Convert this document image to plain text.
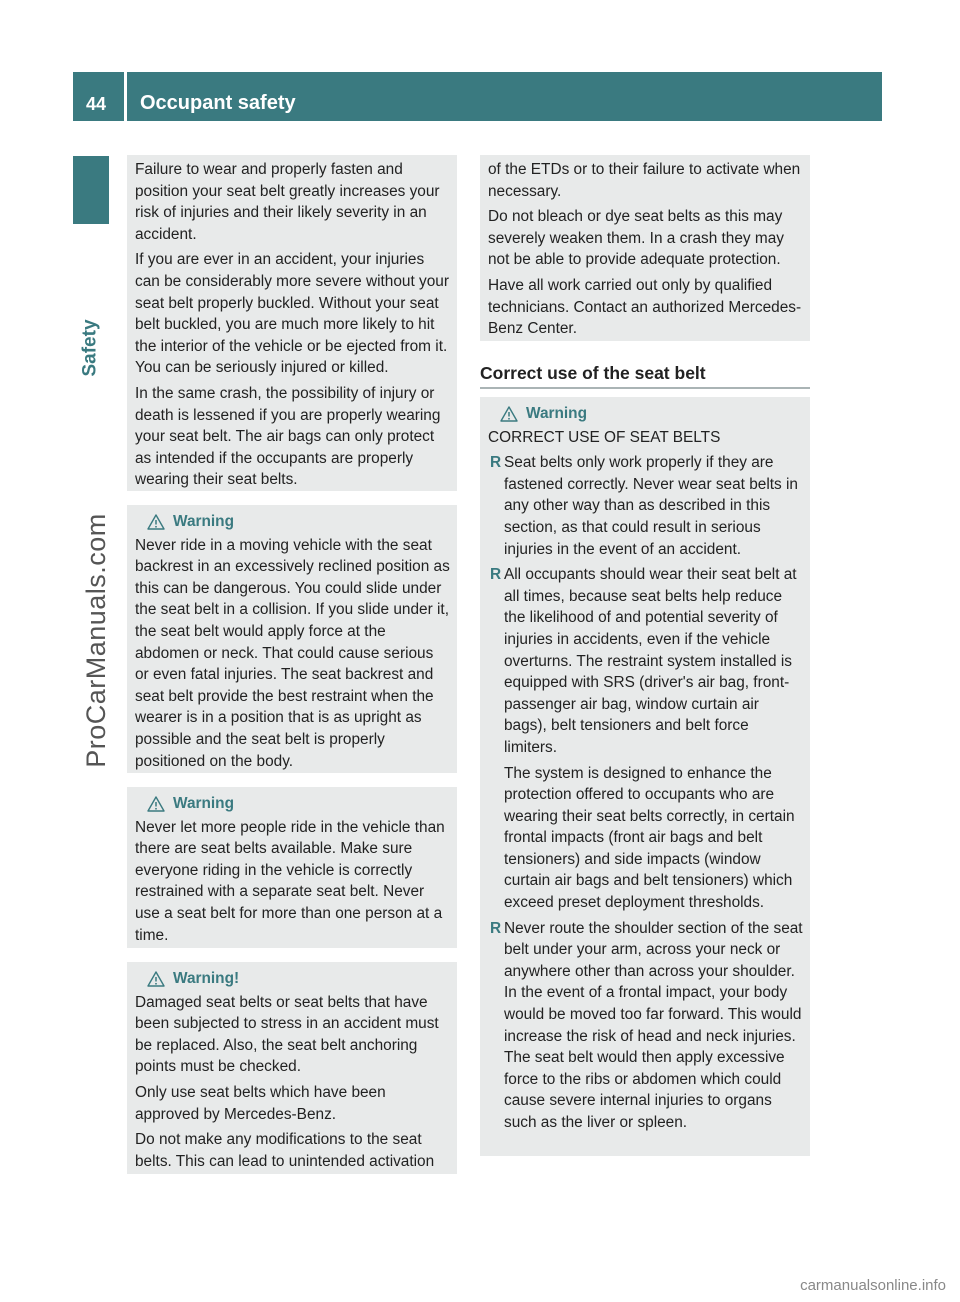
44	Occupant safety
Safety
ProCarManuals.com

Failure to wear and properly fasten and position your seat belt greatly increases your risk of injuries and their likely severity in an accident.

If you are ever in an accident, your injuries can be considerably more severe without your seat belt properly buckled. Without your seat belt buckled, you are much more likely to hit the interior of the vehicle or be ejected from it. You can be seriously injured or killed.

In the same crash, the possibility of injury or death is lessened if you are properly wearing your seat belt. The air bags can only protect as intended if the occupants are properly wearing their seat belts.

Warning

Never ride in a moving vehicle with the seat backrest in an excessively reclined position as this can be dangerous. You could slide under the seat belt in a collision. If you slide under it, the seat belt would apply force at the abdomen or neck. That could cause serious or even fatal injuries. The seat backrest and seat belt provide the best restraint when the wearer is in a position that is as upright as possible and the seat belt is properly positioned on the body.

Warning

Never let more people ride in the vehicle than there are seat belts available. Make sure everyone riding in the vehicle is correctly restrained with a separate seat belt. Never use a seat belt for more than one person at a time.

Warning!

Damaged seat belts or seat belts that have been subjected to stress in an accident must be replaced. Also, the seat belt anchoring points must be checked.

Only use seat belts which have been approved by Mercedes-Benz.

Do not make any modifications to the seat belts. This can lead to unintended activation

of the ETDs or to their failure to activate when necessary.

Do not bleach or dye seat belts as this may severely weaken them. In a crash they may not be able to provide adequate protection.

Have all work carried out only by qualified technicians. Contact an authorized Mercedes-Benz Center.

Correct use of the seat belt
Warning

CORRECT USE OF SEAT BELTS

R Seat belts only work properly if they are fastened correctly. Never wear seat belts in any other way than as described in this section, as that could result in serious injuries in the event of an accident.
R All occupants should wear their seat belt at all times, because seat belts help reduce the likelihood of and potential severity of injuries in accidents, even if the vehicle overturns. The restraint system installed is equipped with SRS (driver's air bag, front-passenger air bag, window curtain air bags), belt tensioners and belt force limiters.

The system is designed to enhance the protection offered to occupants who are wearing their seat belts correctly, in certain frontal impacts (front air bags and belt tensioners) and side impacts (window curtain air bags and belt tensioners) which exceed preset deployment thresholds.

R Never route the shoulder section of the seat belt under your arm, across your neck or anywhere other than across your shoulder. In the event of a frontal impact, your body would be moved too far forward. This would increase the risk of head and neck injuries. The seat belt would then apply excessive force to the ribs or abdomen which could cause severe internal injuries to organs such as the liver or spleen.
carmanualsonline.info
